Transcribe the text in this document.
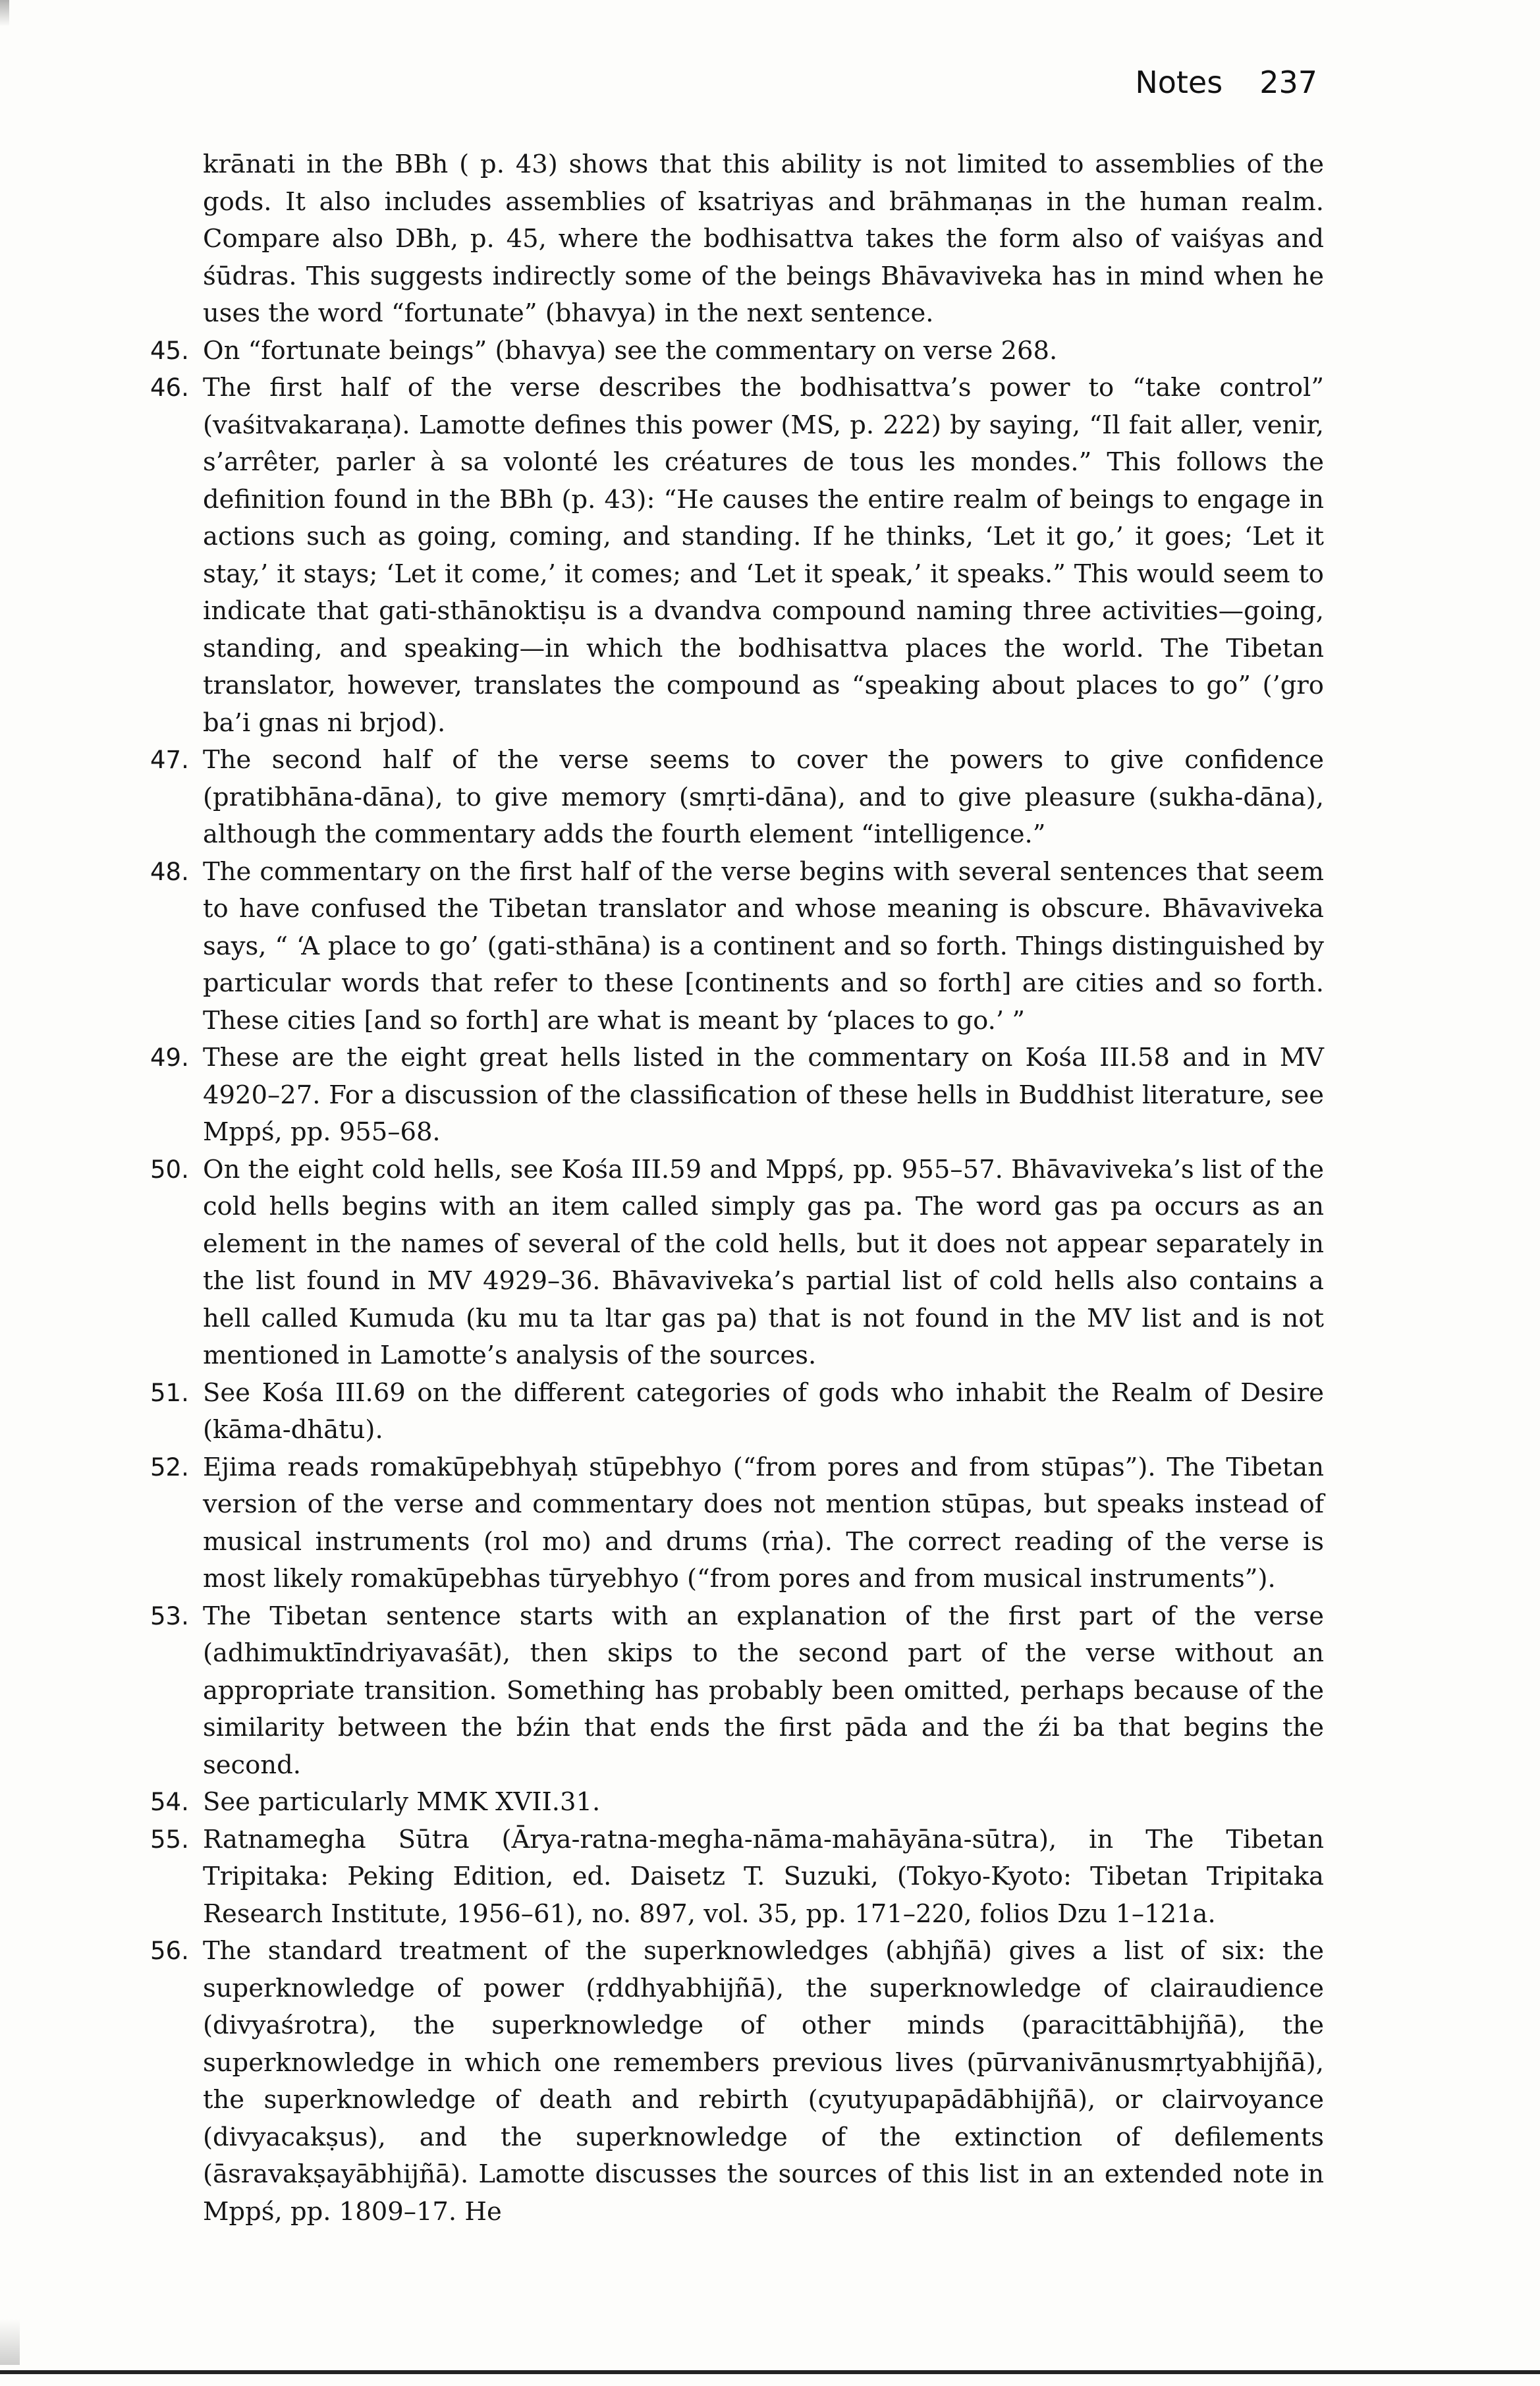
Notes 237

krānati in the BBh ( p. 43) shows that this ability is not limited to assemblies of the gods. It also includes assemblies of ksatriyas and brāhmaṇas in the human realm. Compare also DBh, p. 45, where the bodhisattva takes the form also of vaiśyas and śūdras. This suggests indirectly some of the beings Bhāvaviveka has in mind when he uses the word “fortunate” (bhavya) in the next sentence.

45. On “fortunate beings” (bhavya) see the commentary on verse 268.

46. The first half of the verse describes the bodhisattva’s power to “take control” (vaśitvakaraṇa). Lamotte defines this power (MS, p. 222) by saying, “Il fait aller, venir, s’arrêter, parler à sa volonté les créatures de tous les mondes.” This follows the definition found in the BBh (p. 43): “He causes the entire realm of beings to engage in actions such as going, coming, and standing. If he thinks, ‘Let it go,’ it goes; ‘Let it stay,’ it stays; ‘Let it come,’ it comes; and ‘Let it speak,’ it speaks.” This would seem to indicate that gati-sthānoktiṣu is a dvandva compound naming three activities—going, standing, and speaking—in which the bodhisattva places the world. The Tibetan translator, however, translates the compound as “speaking about places to go” (’gro ba’i gnas ni brjod).

47. The second half of the verse seems to cover the powers to give confidence (pratibhāna-dāna), to give memory (smṛti-dāna), and to give pleasure (sukha-dāna), although the commentary adds the fourth element “intelligence.”

48. The commentary on the first half of the verse begins with several sentences that seem to have confused the Tibetan translator and whose meaning is obscure. Bhāvaviveka says, “ ‘A place to go’ (gati-sthāna) is a continent and so forth. Things distinguished by particular words that refer to these [continents and so forth] are cities and so forth. These cities [and so forth] are what is meant by ‘places to go.’ ”

49. These are the eight great hells listed in the commentary on Kośa III.58 and in MV 4920–27. For a discussion of the classification of these hells in Buddhist literature, see Mppś, pp. 955–68.

50. On the eight cold hells, see Kośa III.59 and Mppś, pp. 955–57. Bhāvaviveka’s list of the cold hells begins with an item called simply gas pa. The word gas pa occurs as an element in the names of several of the cold hells, but it does not appear separately in the list found in MV 4929–36. Bhāvaviveka’s partial list of cold hells also contains a hell called Kumuda (ku mu ta ltar gas pa) that is not found in the MV list and is not mentioned in Lamotte’s analysis of the sources.

51. See Kośa III.69 on the different categories of gods who inhabit the Realm of Desire (kāma-dhātu).

52. Ejima reads romakūpebhyaḥ stūpebhyo (“from pores and from stūpas”). The Tibetan version of the verse and commentary does not mention stūpas, but speaks instead of musical instruments (rol mo) and drums (rṅa). The correct reading of the verse is most likely romakūpebhas tūryebhyo (“from pores and from musical instruments”).

53. The Tibetan sentence starts with an explanation of the first part of the verse (adhimuktīndriyavaśāt), then skips to the second part of the verse without an appropriate transition. Something has probably been omitted, perhaps because of the similarity between the bźin that ends the first pāda and the źi ba that begins the second.

54. See particularly MMK XVII.31.

55. Ratnamegha Sūtra (Ārya-ratna-megha-nāma-mahāyāna-sūtra), in The Tibetan Tripitaka: Peking Edition, ed. Daisetz T. Suzuki, (Tokyo-Kyoto: Tibetan Tripitaka Research Institute, 1956–61), no. 897, vol. 35, pp. 171–220, folios Dzu 1–121a.

56. The standard treatment of the superknowledges (abhjñā) gives a list of six: the superknowledge of power (ṛddhyabhijñā), the superknowledge of clairaudience (divyaśrotra), the superknowledge of other minds (paracittābhijñā), the superknowledge in which one remembers previous lives (pūrvanivānusmṛtyabhijñā), the superknowledge of death and rebirth (cyutyupapādābhijñā), or clairvoyance (divyacakṣus), and the superknowledge of the extinction of defilements (āsravakṣayābhijñā). Lamotte discusses the sources of this list in an extended note in Mppś, pp. 1809–17. He
